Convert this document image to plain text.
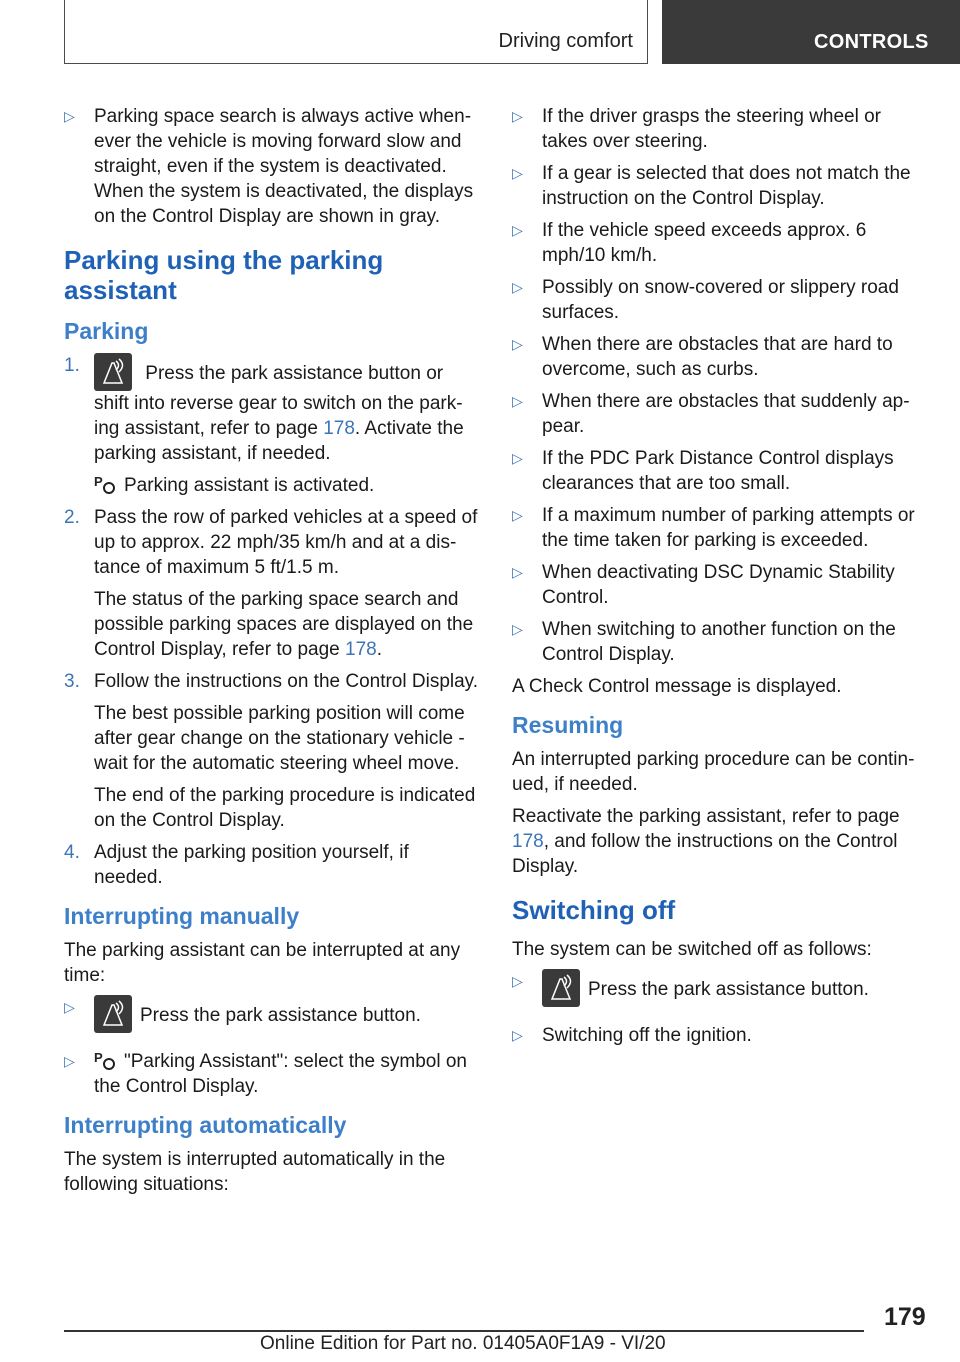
Driving comfort	CONTROLS
▷ Parking space search is always active whenever the vehicle is moving forward slow and straight, even if the system is deactivated. When the system is deactivated, the displays on the Control Display are shown in gray.
Parking using the parking assistant
Parking
1.	Press the park assistance button or shift into reverse gear to switch on the parking assistant, refer to page 178. Activate the parking assistant, if needed.
P Parking assistant is activated.
2. Pass the row of parked vehicles at a speed of up to approx. 22 mph/35 km/h and at a distance of maximum 5 ft/1.5 m.
The status of the parking space search and possible parking spaces are displayed on the Control Display, refer to page 178.
3. Follow the instructions on the Control Display.
The best possible parking position will come after gear change on the stationary vehicle - wait for the automatic steering wheel move.
The end of the parking procedure is indicated on the Control Display.
4. Adjust the parking position yourself, if needed.
Interrupting manually
The parking assistant can be interrupted at any time:
▷	Press the park assistance button.
▷ P "Parking Assistant": select the symbol on the Control Display.
Interrupting automatically
The system is interrupted automatically in the following situations:
▷ If the driver grasps the steering wheel or takes over steering.
▷ If a gear is selected that does not match the instruction on the Control Display.
▷ If the vehicle speed exceeds approx. 6 mph/10 km/h.
▷ Possibly on snow-covered or slippery road surfaces.
▷ When there are obstacles that are hard to overcome, such as curbs.
▷ When there are obstacles that suddenly appear.
▷ If the PDC Park Distance Control displays clearances that are too small.
▷ If a maximum number of parking attempts or the time taken for parking is exceeded.
▷ When deactivating DSC Dynamic Stability Control.
▷ When switching to another function on the Control Display.
A Check Control message is displayed.
Resuming
An interrupted parking procedure can be continued, if needed.
Reactivate the parking assistant, refer to page 178, and follow the instructions on the Control Display.
Switching off
The system can be switched off as follows:
▷	Press the park assistance button.
▷ Switching off the ignition.
179
Online Edition for Part no. 01405A0F1A9 - VI/20
